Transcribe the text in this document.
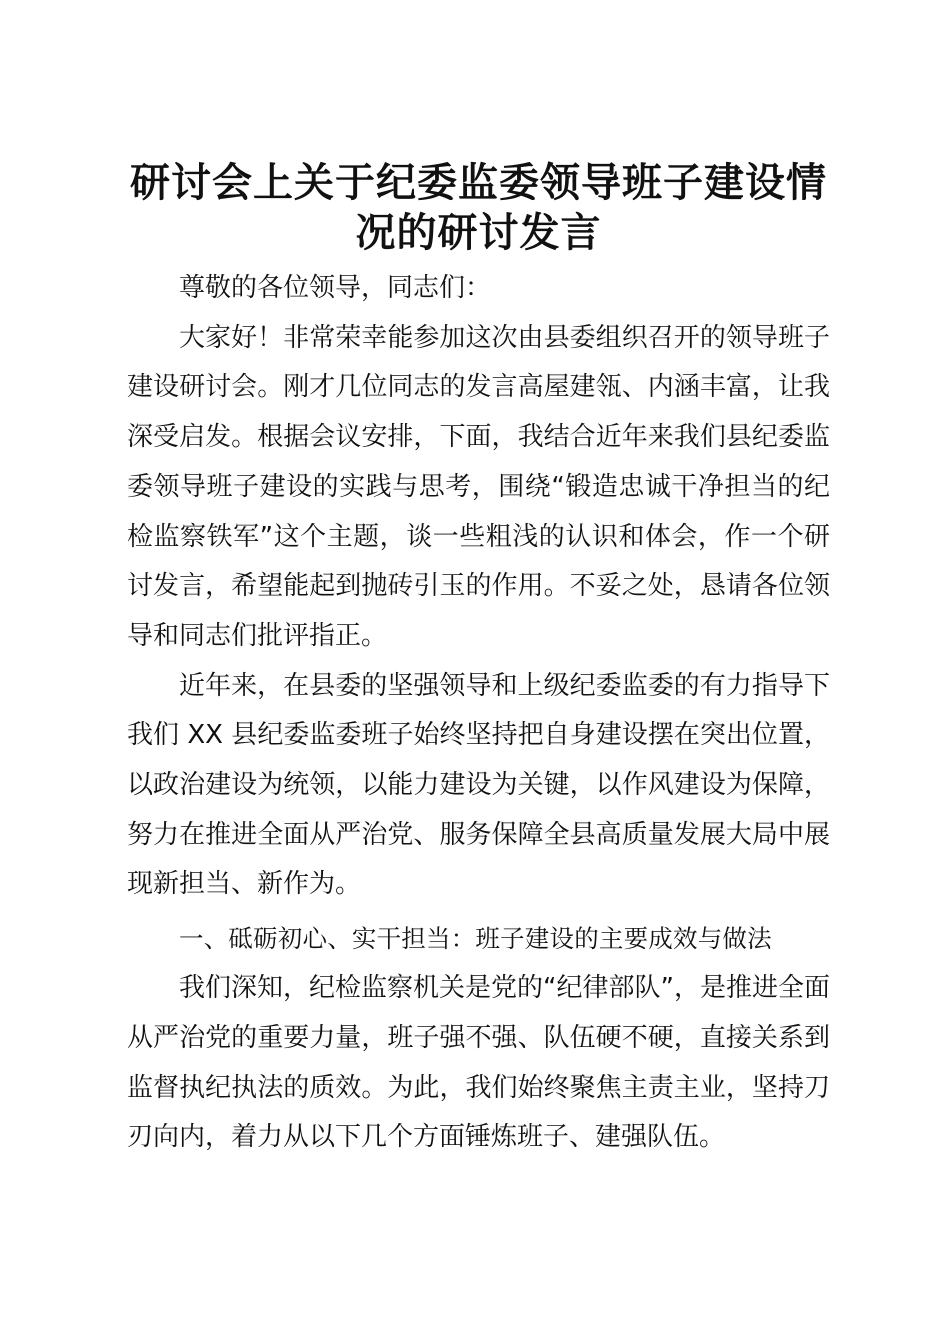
研讨会上关于纪委监委领导班子建设情况的研讨发言

尊敬的各位领导，同志们：

大家好！非常荣幸能参加这次由县委组织召开的领导班子建设研讨会。刚才几位同志的发言高屋建瓴、内涵丰富，让我深受启发。根据会议安排，下面，我结合近年来我们县纪委监委领导班子建设的实践与思考，围绕“锻造忠诚干净担当的纪检监察铁军”这个主题，谈一些粗浅的认识和体会，作一个研讨发言，希望能起到抛砖引玉的作用。不妥之处，恳请各位领导和同志们批评指正。

近年来，在县委的坚强领导和上级纪委监委的有力指导下我们 XX 县纪委监委班子始终坚持把自身建设摆在突出位置，以政治建设为统领，以能力建设为关键，以作风建设为保障，努力在推进全面从严治党、服务保障全县高质量发展大局中展现新担当、新作为。

一、砥砺初心、实干担当：班子建设的主要成效与做法

我们深知，纪检监察机关是党的“纪律部队”，是推进全面从严治党的重要力量，班子强不强、队伍硬不硬，直接关系到监督执纪执法的质效。为此，我们始终聚焦主责主业，坚持刀刃向内，着力从以下几个方面锤炼班子、建强队伍。
